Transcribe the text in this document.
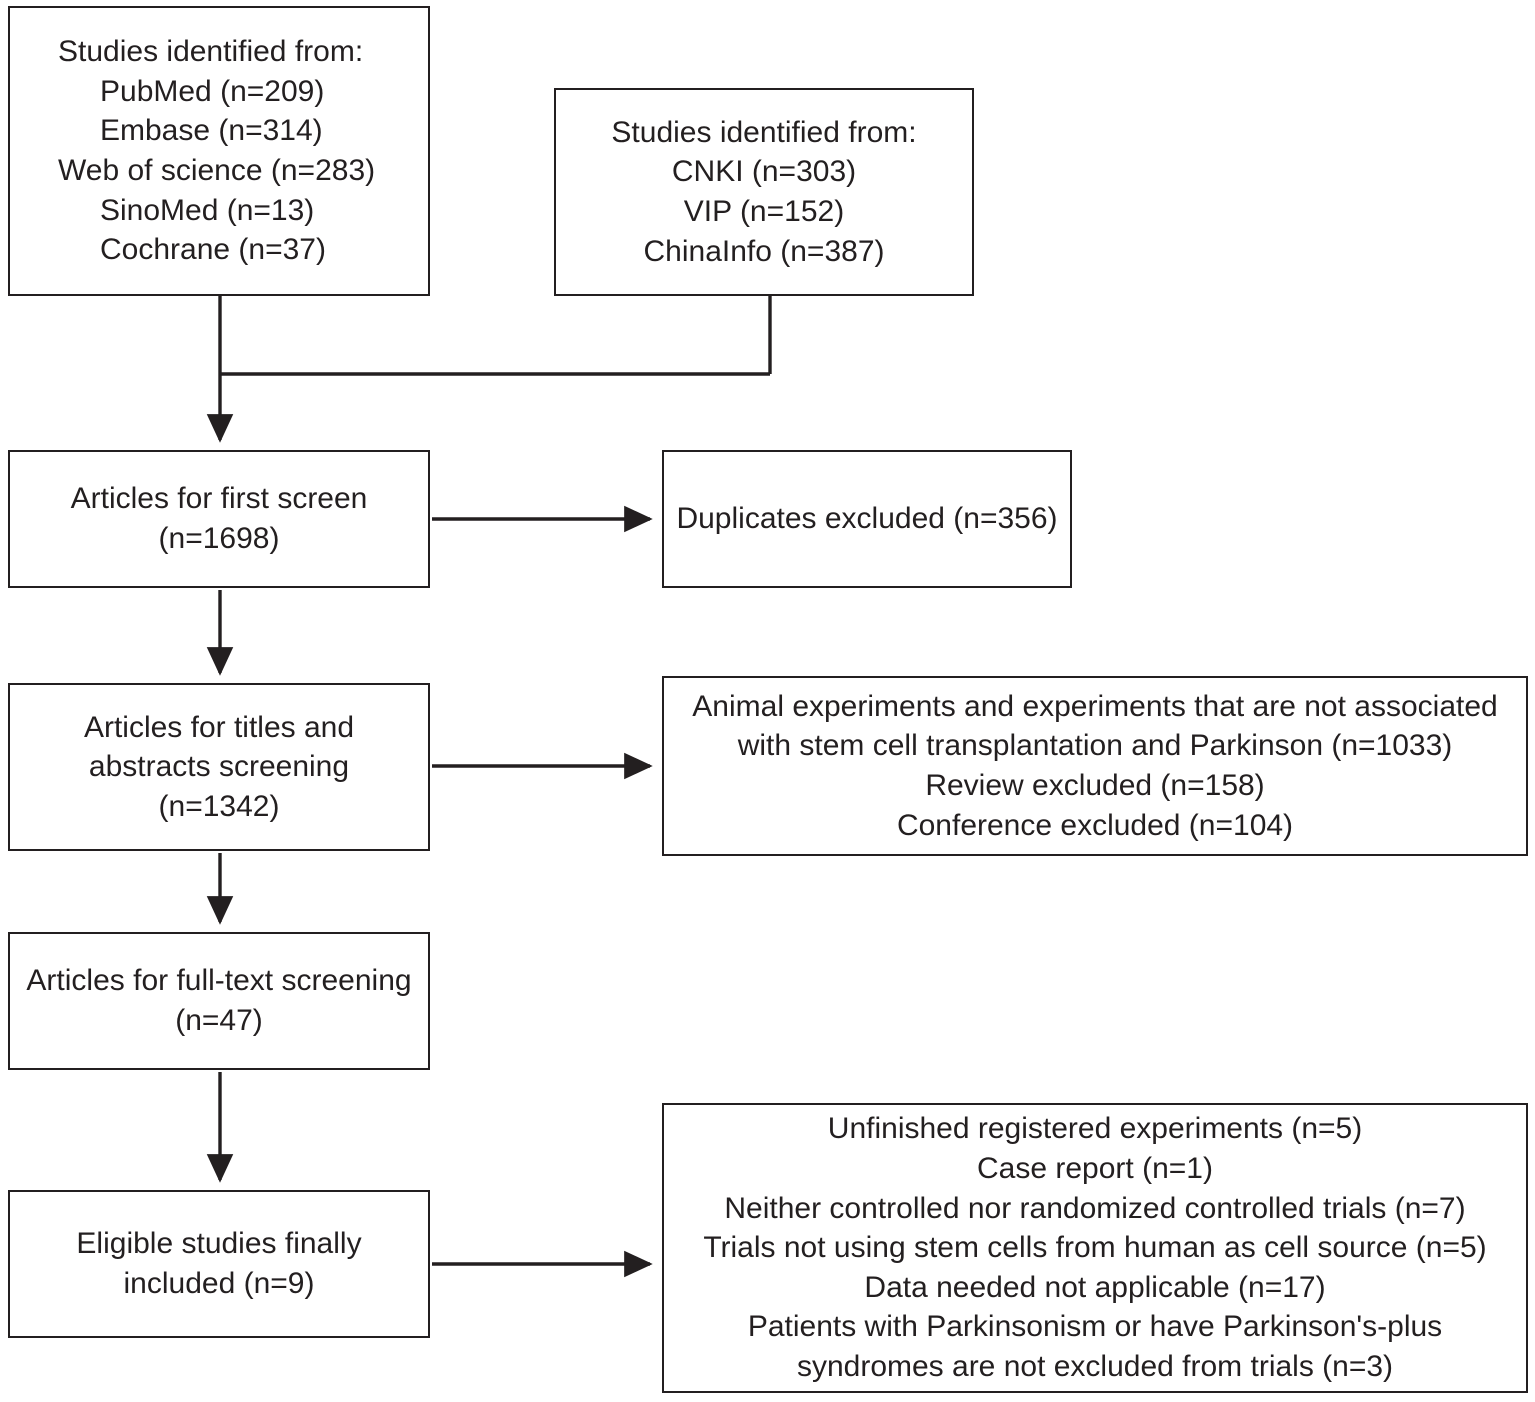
Studies identified from:
PubMed (n=209)
Embase (n=314)
Web of science (n=283)
SinoMed (n=13)
Cochrane (n=37)
Studies identified from:
CNKI (n=303)
VIP (n=152)
ChinaInfo (n=387)
Articles for first screen
(n=1698)
Duplicates excluded (n=356)
Articles for titles and
abstracts screening
(n=1342)
Animal experiments and experiments that are not associated
with stem cell transplantation and Parkinson (n=1033)
Review excluded (n=158)
Conference excluded (n=104)
Articles for full-text screening
(n=47)
Eligible studies finally
included (n=9)
Unfinished registered experiments (n=5)
Case report (n=1)
Neither controlled nor randomized controlled trials (n=7)
Trials not using stem cells from human as cell source (n=5)
Data needed not applicable (n=17)
Patients with Parkinsonism or have Parkinson's-plus
syndromes are not excluded from trials (n=3)
